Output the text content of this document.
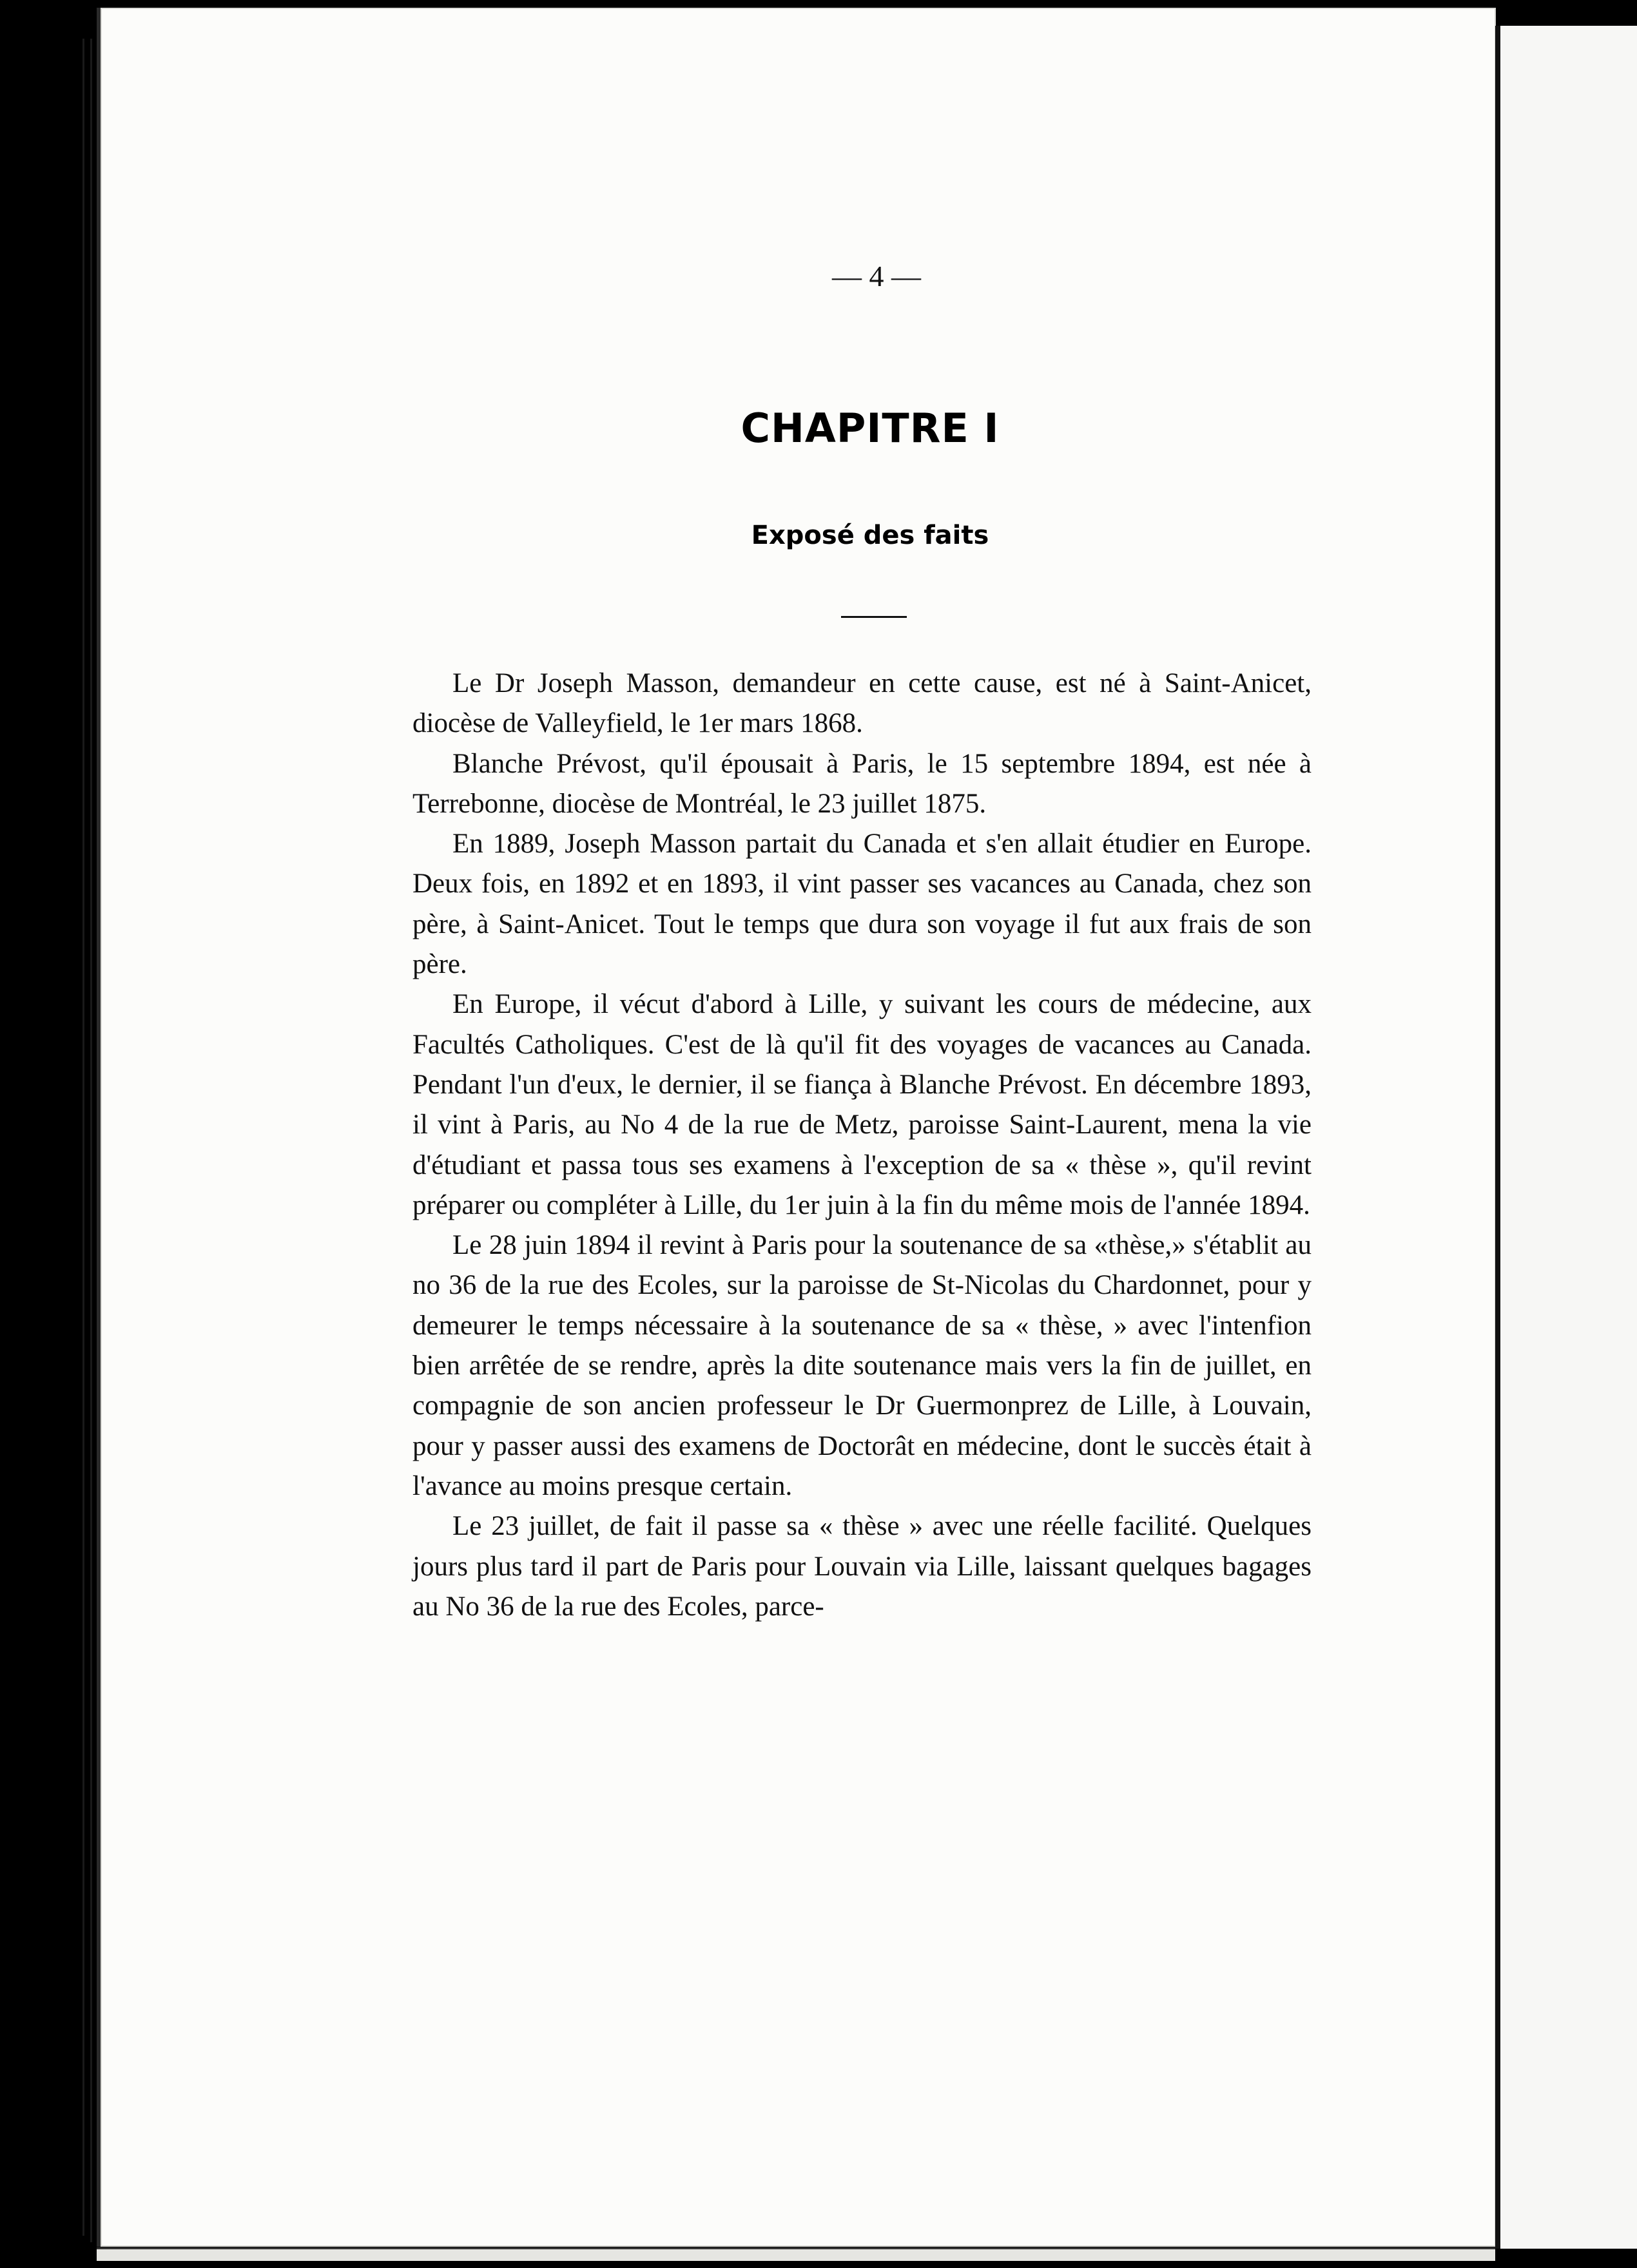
— 4 —
CHAPITRE I
Exposé des faits

Le Dr Joseph Masson, demandeur en cette cause, est né à Saint-Anicet, diocèse de Valleyfield, le 1er mars 1868.

Blanche Prévost, qu'il épousait à Paris, le 15 septembre 1894, est née à Terrebonne, diocèse de Montréal, le 23 juillet 1875.

En 1889, Joseph Masson partait du Canada et s'en allait étudier en Europe. Deux fois, en 1892 et en 1893, il vint passer ses vacances au Canada, chez son père, à Saint-Anicet. Tout le temps que dura son voyage il fut aux frais de son père.

En Europe, il vécut d'abord à Lille, y suivant les cours de médecine, aux Facultés Catholiques. C'est de là qu'il fit des voyages de vacances au Canada. Pendant l'un d'eux, le dernier, il se fiança à Blanche Prévost. En décembre 1893, il vint à Paris, au No 4 de la rue de Metz, paroisse Saint-Laurent, mena la vie d'étudiant et passa tous ses examens à l'exception de sa « thèse », qu'il revint préparer ou compléter à Lille, du 1er juin à la fin du même mois de l'année 1894.

Le 28 juin 1894 il revint à Paris pour la soutenance de sa «thèse,» s'établit au no 36 de la rue des Ecoles, sur la paroisse de St-Nicolas du Chardonnet, pour y demeurer le temps nécessaire à la soutenance de sa « thèse, » avec l'intenfion bien arrêtée de se rendre, après la dite soutenance mais vers la fin de juillet, en compagnie de son ancien professeur le Dr Guermonprez de Lille, à Louvain, pour y passer aussi des examens de Doctorât en médecine, dont le succès était à l'avance au moins presque certain.

Le 23 juillet, de fait il passe sa « thèse » avec une réelle facilité. Quelques jours plus tard il part de Paris pour Louvain via Lille, laissant quelques bagages au No 36 de la rue des Ecoles, parce-
